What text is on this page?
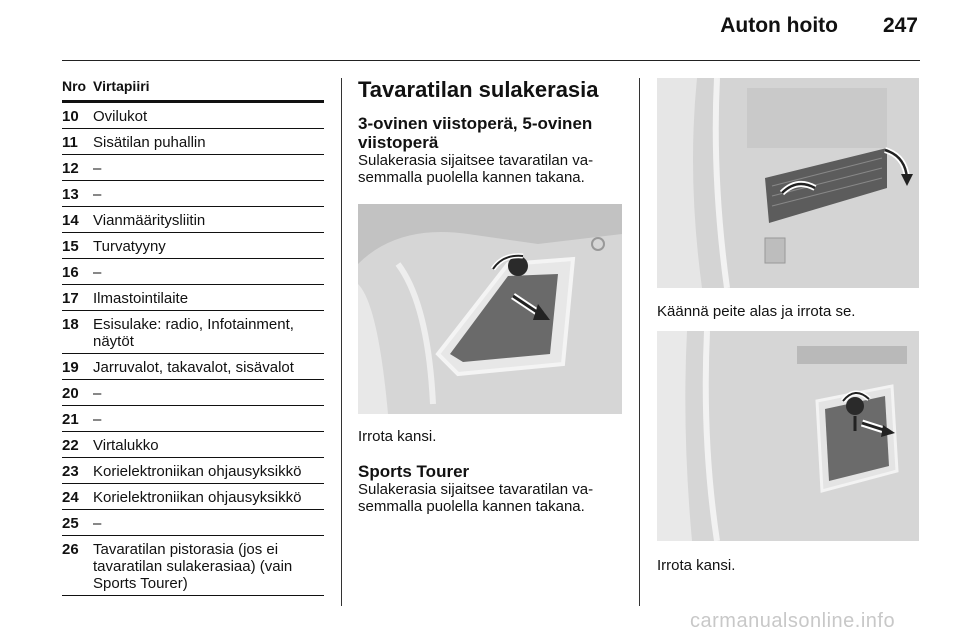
Auton hoito 247
Nro Virtapiiri
10 Ovilukot
11	Sisätilan puhallin
12 –
13 –
14 Vianmääritysliitin
15 Turvatyyny
16 –
17 Ilmastointilaite
18 Esisulake: radio, Infotainment, näytöt
19 Jarruvalot, takavalot, sisävalot
20 –
21 –
22 Virtalukko
23 Korielektroniikan ohjausyksikkö
24 Korielektroniikan ohjausyksikkö
25 –
26 Tavaratilan pistorasia (jos ei tavaratilan sulakerasiaa) (vain Sports Tourer)
Tavaratilan sulakerasia
3-ovinen viistoperä, 5-ovinen viistoperä

Sulakerasia sijaitsee tavaratilan va-semmalla puolella kannen takana.

Irrota kansi.
Sports Tourer

Sulakerasia sijaitsee tavaratilan va-semmalla puolella kannen takana.

Käännä peite alas ja irrota se.
Irrota kansi.
carmanualsonline.info
